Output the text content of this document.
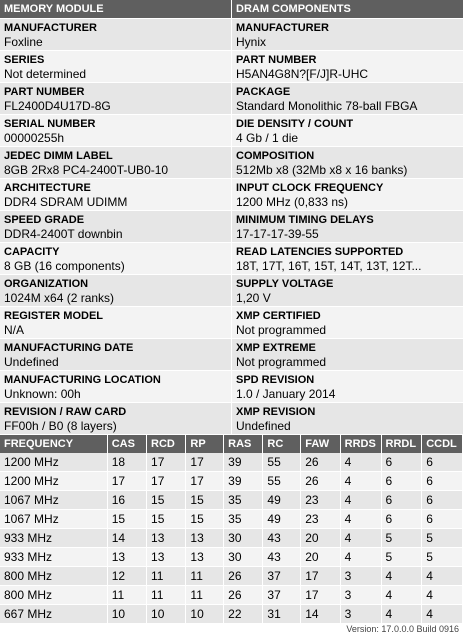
MEMORY MODULE
MANUFACTURER
Foxline
SERIES
Not determined
PART NUMBER
FL2400D4U17D-8G
SERIAL NUMBER
00000255h
JEDEC DIMM LABEL
8GB 2Rx8 PC4-2400T-UB0-10
ARCHITECTURE
DDR4 SDRAM UDIMM
SPEED GRADE
DDR4-2400T downbin
CAPACITY
8 GB (16 components)
ORGANIZATION
1024M x64 (2 ranks)
REGISTER MODEL
N/A
MANUFACTURING DATE
Undefined
MANUFACTURING LOCATION
Unknown: 00h
REVISION / RAW CARD
FF00h / B0 (8 layers)
DRAM COMPONENTS
MANUFACTURER
Hynix
PART NUMBER
H5AN4G8N?[F/J]R-UHC
PACKAGE
Standard Monolithic 78-ball FBGA
DIE DENSITY / COUNT
4 Gb / 1 die
COMPOSITION
512Mb x8 (32Mb x8 x 16 banks)
INPUT CLOCK FREQUENCY
1200 MHz (0,833 ns)
MINIMUM TIMING DELAYS
17-17-17-39-55
READ LATENCIES SUPPORTED
18T, 17T, 16T, 15T, 14T, 13T, 12T...
SUPPLY VOLTAGE
1,20 V
XMP CERTIFIED
Not programmed
XMP EXTREME
Not programmed
SPD REVISION
1.0 / January 2014
XMP REVISION
Undefined
FREQUENCY	CAS	RCD	RP	RAS	RC	FAW	RRDS	RRDL	CCDL
1200 MHz	18	17	17	39	55	26	4	6	6
1200 MHz	17	17	17	39	55	26	4	6	6
1067 MHz	16	15	15	35	49	23	4	6	6
1067 MHz	15	15	15	35	49	23	4	6	6
933 MHz	14	13	13	30	43	20	4	5	5
933 MHz	13	13	13	30	43	20	4	5	5
800 MHz	12	11	11	26	37	17	3	4	4
800 MHz	11	11	11	26	37	17	3	4	4
667 MHz	10	10	10	22	31	14	3	4	4
Version: 17.0.0.0 Build 0916
